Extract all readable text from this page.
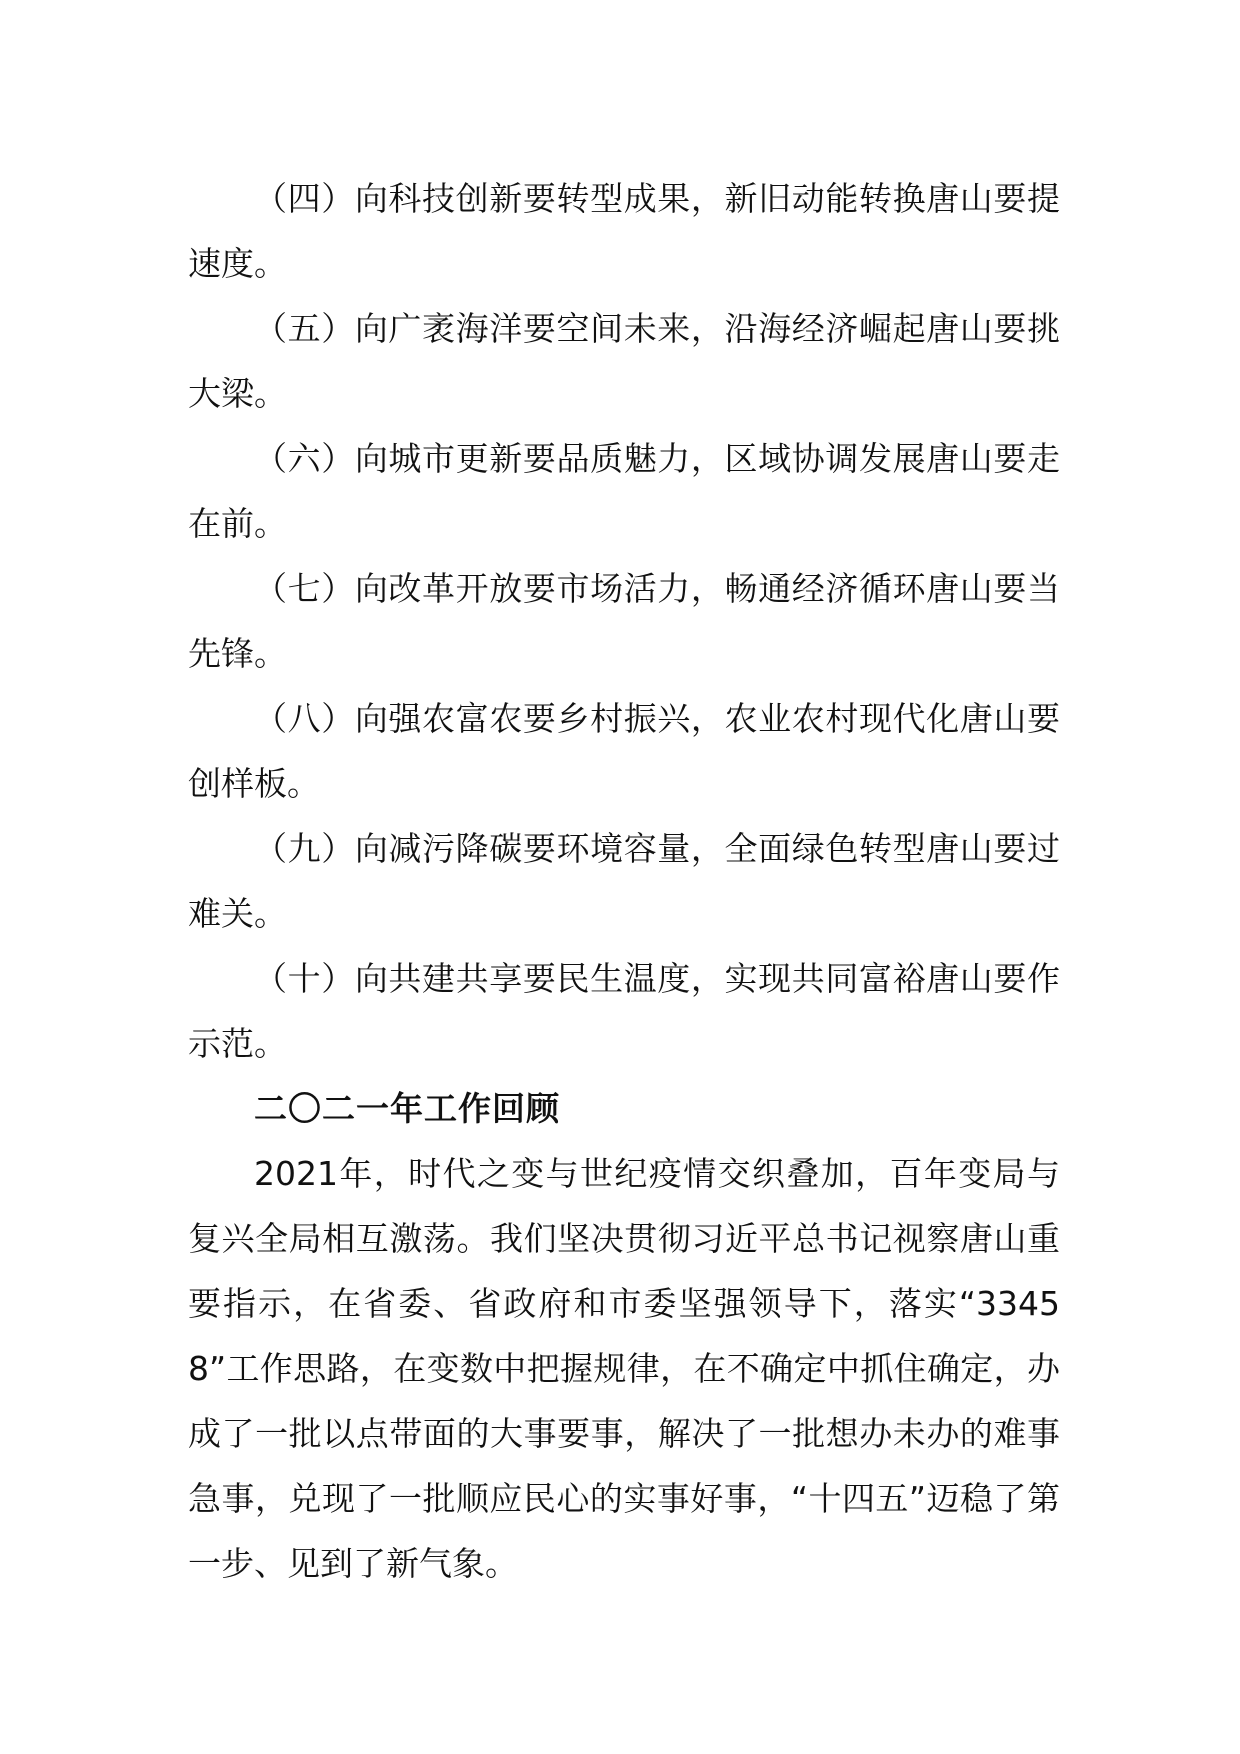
（四）向科技创新要转型成果，新旧动能转换唐山要提速度。

（五）向广袤海洋要空间未来，沿海经济崛起唐山要挑大梁。

（六）向城市更新要品质魅力，区域协调发展唐山要走在前。

（七）向改革开放要市场活力，畅通经济循环唐山要当先锋。

（八）向强农富农要乡村振兴，农业农村现代化唐山要创样板。

（九）向减污降碳要环境容量，全面绿色转型唐山要过难关。

（十）向共建共享要民生温度，实现共同富裕唐山要作示范。

二〇二一年工作回顾

2021年，时代之变与世纪疫情交织叠加，百年变局与复兴全局相互激荡。我们坚决贯彻习近平总书记视察唐山重要指示，在省委、省政府和市委坚强领导下，落实“33458”工作思路，在变数中把握规律，在不确定中抓住确定，办成了一批以点带面的大事要事，解决了一批想办未办的难事急事，兑现了一批顺应民心的实事好事，“十四五”迈稳了第一步、见到了新气象。
